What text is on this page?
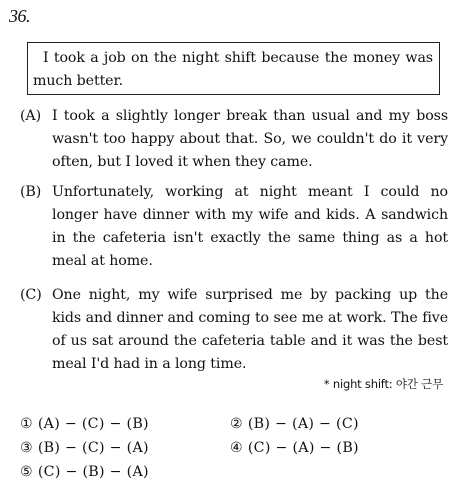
36.
I took a job on the night shift because the money was much better.
(A) I took a slightly longer break than usual and my boss wasn't too happy about that. So, we couldn't do it very often, but I loved it when they came.
(B) Unfortunately, working at night meant I could no longer have dinner with my wife and kids. A sandwich in the cafeteria isn't exactly the same thing as a hot meal at home.
(C) One night, my wife surprised me by packing up the kids and dinner and coming to see me at work. The five of us sat around the cafeteria table and it was the best meal I'd had in a long time.
* night shift: 야간 근무
① (A) − (C) − (B)	② (B) − (A) − (C)
③ (B) − (C) − (A)	④ (C) − (A) − (B)
⑤ (C) − (B) − (A)
